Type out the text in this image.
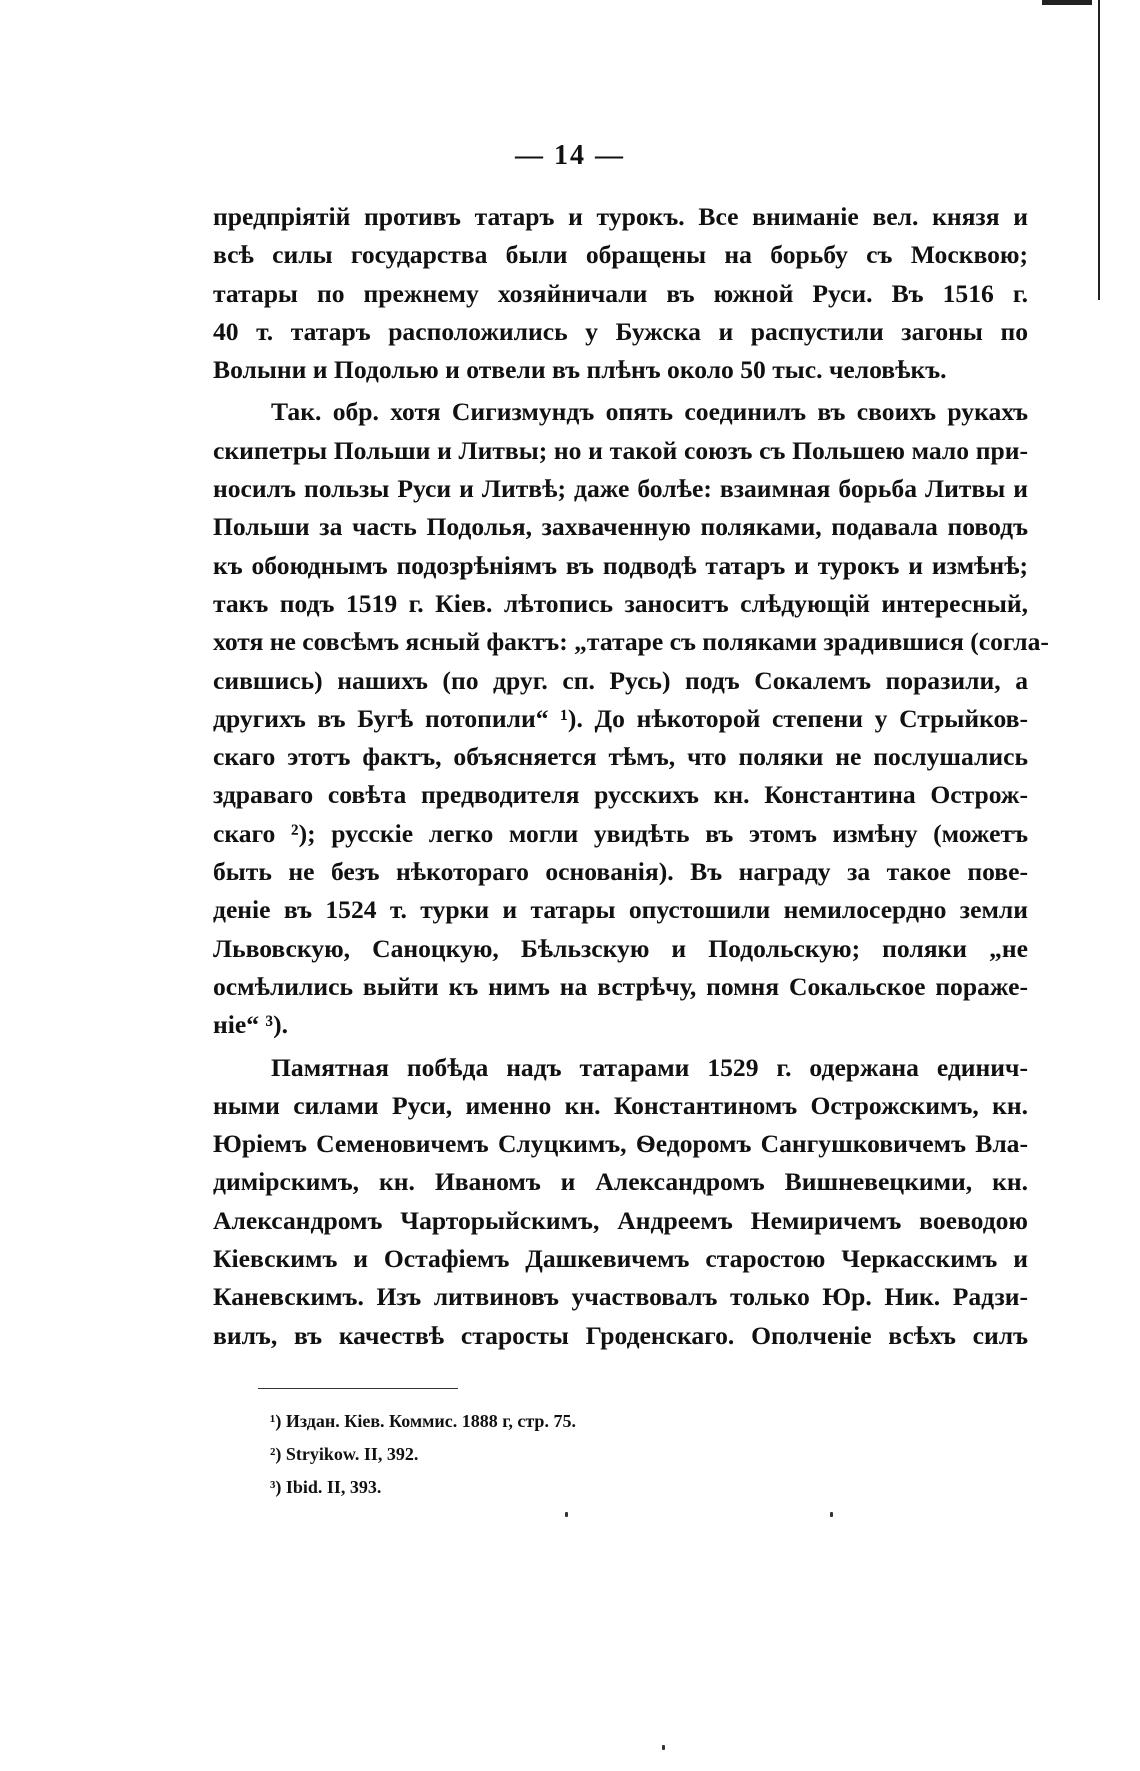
— 14 —
предпріятій противъ татаръ и турокъ. Все вниманіе вел. князя и
всѣ силы государства были обращены на борьбу съ Москвою;
татары по прежнему хозяйничали въ южной Руси. Въ 1516 г.
40 т. татаръ расположились у Бужска и распустили загоны по
Волыни и Подолью и отвели въ плѣнъ около 50 тыс. человѣкъ.
Так. обр. хотя Сигизмундъ опять соединилъ въ своихъ рукахъ
скипетры Польши и Литвы; но и такой союзъ съ Польшею мало при-
носилъ пользы Руси и Литвѣ; даже болѣе: взаимная борьба Литвы и
Польши за часть Подолья, захваченную поляками, подавала поводъ
къ обоюднымъ подозрѣніямъ въ подводѣ татаръ и турокъ и измѣнѣ;
такъ подъ 1519 г. Кіев. лѣтопись заноситъ слѣдующій интересный,
хотя не совсѣмъ ясный фактъ: „татаре съ поляками зрадившися (согла-
сившись) нашихъ (по друг. сп. Русь) подъ Сокалемъ поразили, а
другихъ въ Бугѣ потопили“ ¹). До нѣкоторой степени у Стрыйков-
скаго этотъ фактъ, объясняется тѣмъ, что поляки не послушались
здраваго совѣта предводителя русскихъ кн. Константина Острож-
скаго ²); русскіе легко могли увидѣть въ этомъ измѣну (можетъ
быть не безъ нѣкотораго основанія). Въ награду за такое пове-
деніе въ 1524 т. турки и татары опустошили немилосердно земли
Львовскую, Саноцкую, Бѣльзскую и Подольскую; поляки „не
осмѣлились выйти къ нимъ на встрѣчу, помня Сокальское пораже-
ніе“ ³).
Памятная побѣда надъ татарами 1529 г. одержана единич-
ными силами Руси, именно кн. Константиномъ Острожскимъ, кн.
Юріемъ Семеновичемъ Слуцкимъ, Ѳедоромъ Сангушковичемъ Вла-
димірскимъ, кн. Иваномъ и Александромъ Вишневецкими, кн.
Александромъ Чарторыйскимъ, Андреемъ Немиричемъ воеводою
Кіевскимъ и Остафіемъ Дашкевичемъ старостою Черкасскимъ и
Каневскимъ. Изъ литвиновъ участвовалъ только Юр. Ник. Радзи-
вилъ, въ качествѣ старосты Гроденскаго. Ополченіе всѣхъ силъ
¹) Издан. Кіев. Коммис. 1888 г, стр. 75.
²) Stryikow. II, 392.
³) Ibid. II, 393.
